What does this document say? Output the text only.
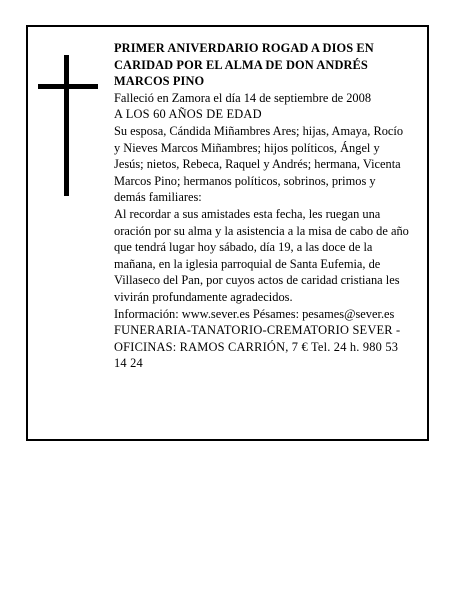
PRIMER ANIVERDARIO ROGAD A DIOS EN CARIDAD POR EL ALMA DE DON ANDRÉS MARCOS PINO

Falleció en Zamora el día 14 de septiembre de 2008

A LOS 60 AÑOS DE EDAD

Su esposa, Cándida Miñambres Ares; hijas, Amaya, Rocío y Nieves Marcos Miñambres; hijos políticos, Ángel y Jesús; nietos, Rebeca, Raquel y Andrés; hermana, Vicenta Marcos Pino; hermanos políticos, sobrinos, primos y demás familiares:

Al recordar a sus amistades esta fecha, les ruegan una oración por su alma y la asistencia a la misa de cabo de año que tendrá lugar hoy sábado, día 19, a las doce de la mañana, en la iglesia parroquial de Santa Eufemia, de Villaseco del Pan, por cuyos actos de caridad cristiana les vivirán profundamente agradecidos.

Información: www.sever.es Pésames: pesames@sever.es

FUNERARIA-TANATORIO-CREMATORIO SEVER - OFICINAS: RAMOS CARRIÓN, 7 € Tel. 24 h. 980 53 14 24
